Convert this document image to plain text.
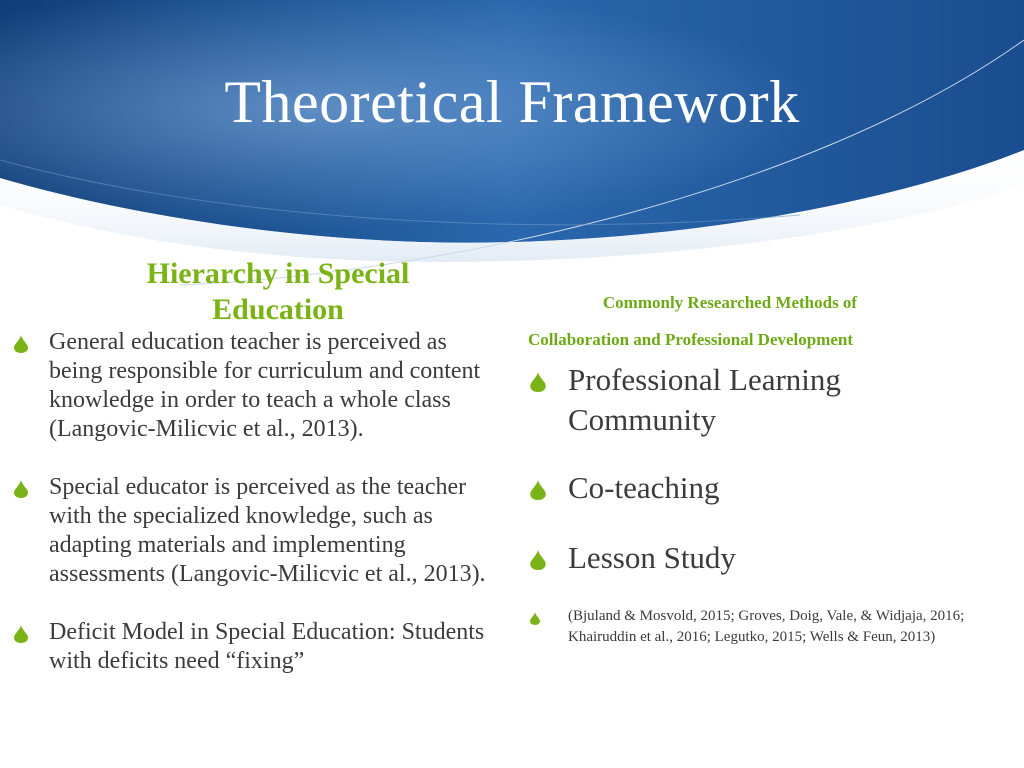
Theoretical Framework
Hierarchy in Special Education
General education teacher is perceived as being responsible for curriculum and content knowledge in order to teach a whole class (Langovic-Milicvic et al., 2013).
Special educator is perceived as the teacher with the specialized knowledge, such as adapting materials and implementing assessments (Langovic-Milicvic et al., 2013).
Deficit Model in Special Education: Students with deficits need “fixing”
Commonly Researched Methods of
Collaboration and Professional Development
Professional Learning Community
Co-teaching
Lesson Study
(Bjuland & Mosvold, 2015; Groves, Doig, Vale, & Widjaja, 2016; Khairuddin et al., 2016; Legutko, 2015; Wells & Feun, 2013)
